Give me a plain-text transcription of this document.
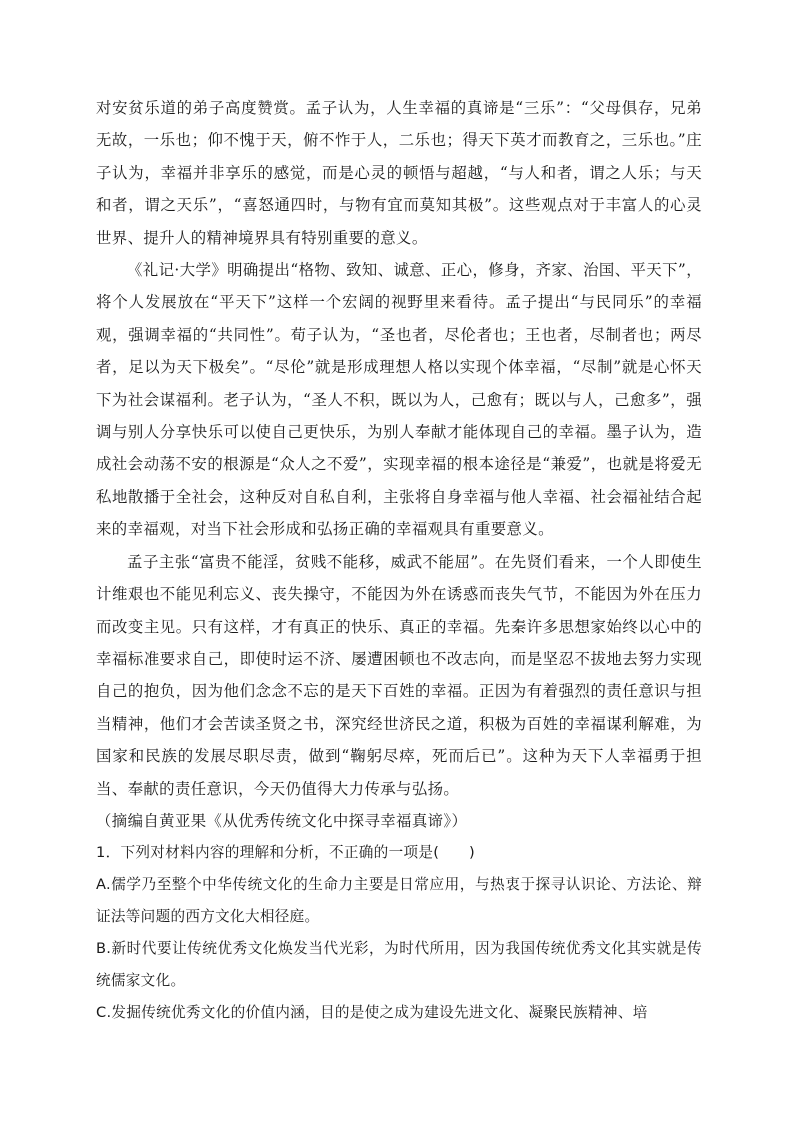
对安贫乐道的弟子高度赞赏。孟子认为，人生幸福的真谛是“三乐”：“父母俱存，兄弟无故，一乐也；仰不愧于天，俯不怍于人，二乐也；得天下英才而教育之，三乐也。”庄子认为，幸福并非享乐的感觉，而是心灵的顿悟与超越，“与人和者，谓之人乐；与天和者，谓之天乐”，“喜怒通四时，与物有宜而莫知其极”。这些观点对于丰富人的心灵世界、提升人的精神境界具有特别重要的意义。

《礼记·大学》明确提出“格物、致知、诚意、正心，修身，齐家、治国、平天下”，将个人发展放在“平天下”这样一个宏阔的视野里来看待。孟子提出“与民同乐”的幸福观，强调幸福的“共同性”。荀子认为，“圣也者，尽伦者也；王也者，尽制者也；两尽者，足以为天下极矣”。“尽伦”就是形成理想人格以实现个体幸福，“尽制”就是心怀天下为社会谋福利。老子认为，“圣人不积，既以为人，己愈有；既以与人，己愈多”，强调与别人分享快乐可以使自己更快乐，为别人奉献才能体现自己的幸福。墨子认为，造成社会动荡不安的根源是“众人之不爱”，实现幸福的根本途径是“兼爱”，也就是将爱无私地散播于全社会，这种反对自私自利，主张将自身幸福与他人幸福、社会福祉结合起来的幸福观，对当下社会形成和弘扬正确的幸福观具有重要意义。

孟子主张“富贵不能淫，贫贱不能移，威武不能屈”。在先贤们看来，一个人即使生计维艰也不能见利忘义、丧失操守，不能因为外在诱惑而丧失气节，不能因为外在压力而改变主见。只有这样，才有真正的快乐、真正的幸福。先秦许多思想家始终以心中的幸福标准要求自己，即使时运不济、屡遭困顿也不改志向，而是坚忍不拔地去努力实现自己的抱负，因为他们念念不忘的是天下百姓的幸福。正因为有着强烈的责任意识与担当精神，他们才会苦读圣贤之书，深究经世济民之道，积极为百姓的幸福谋利解难，为国家和民族的发展尽职尽责，做到“鞠躬尽瘁，死而后已”。这种为天下人幸福勇于担当、奉献的责任意识，今天仍值得大力传承与弘扬。

（摘编自黄亚果《从优秀传统文化中探寻幸福真谛》）

1．下列对材料内容的理解和分析，不正确的一项是(　　)

A.儒学乃至整个中华传统文化的生命力主要是日常应用，与热衷于探寻认识论、方法论、辩证法等问题的西方文化大相径庭。

B.新时代要让传统优秀文化焕发当代光彩，为时代所用，因为我国传统优秀文化其实就是传统儒家文化。

C.发掘传统优秀文化的价值内涵，目的是使之成为建设先进文化、凝聚民族精神、培
